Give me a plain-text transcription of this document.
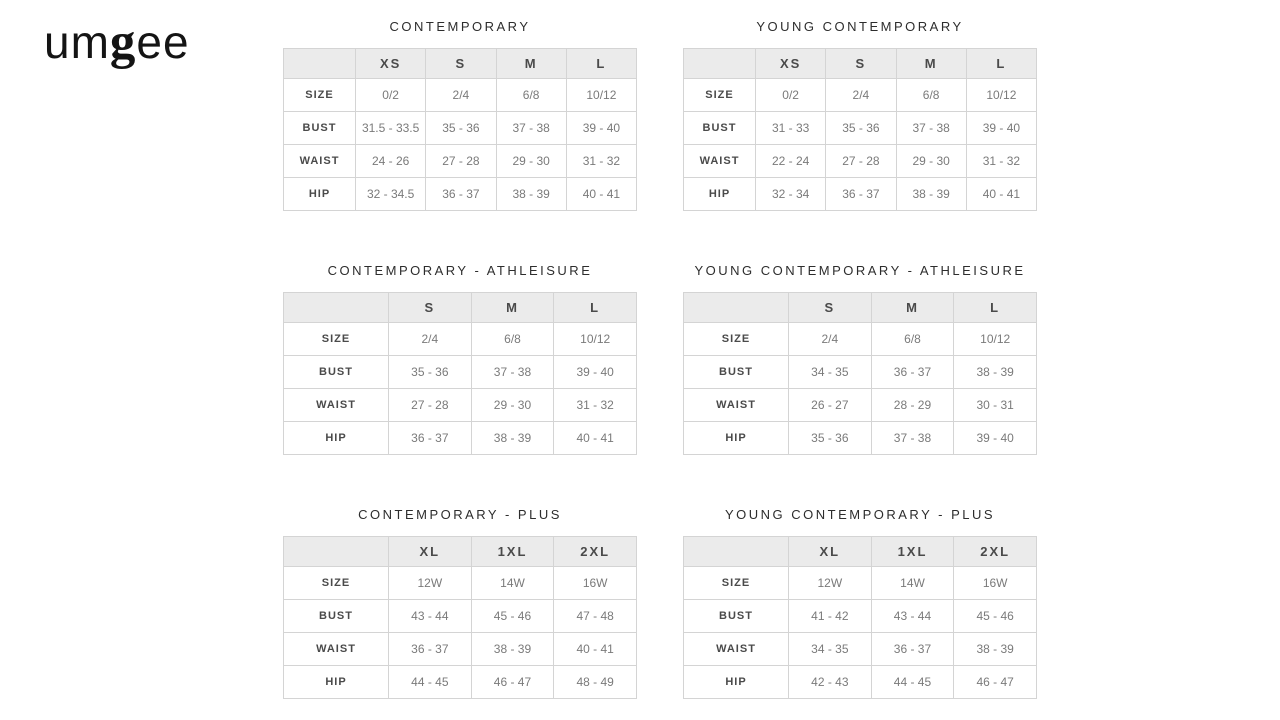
umgee	CONTEMPORARY
	XS	S	M	L
SIZE	0/2	2/4	6/8	10/12
BUST	31.5 - 33.5	35 - 36	37 - 38	39 - 40
WAIST	24 - 26	27 - 28	29 - 30	31 - 32
HIP	32 - 34.5	36 - 37	38 - 39	40 - 41
YOUNG CONTEMPORARY
	XS	S	M	L
SIZE	0/2	2/4	6/8	10/12
BUST	31 - 33	35 - 36	37 - 38	39 - 40
WAIST	22 - 24	27 - 28	29 - 30	31 - 32
HIP	32 - 34	36 - 37	38 - 39	40 - 41
CONTEMPORARY - ATHLEISURE
	S	M	L
SIZE	2/4	6/8	10/12
BUST	35 - 36	37 - 38	39 - 40
WAIST	27 - 28	29 - 30	31 - 32
HIP	36 - 37	38 - 39	40 - 41
YOUNG CONTEMPORARY - ATHLEISURE
	S	M	L
SIZE	2/4	6/8	10/12
BUST	34 - 35	36 - 37	38 - 39
WAIST	26 - 27	28 - 29	30 - 31
HIP	35 - 36	37 - 38	39 - 40
CONTEMPORARY - PLUS
	XL	1XL	2XL
SIZE	12W	14W	16W
BUST	43 - 44	45 - 46	47 - 48
WAIST	36 - 37	38 - 39	40 - 41
HIP	44 - 45	46 - 47	48 - 49
YOUNG CONTEMPORARY - PLUS
	XL	1XL	2XL
SIZE	12W	14W	16W
BUST	41 - 42	43 - 44	45 - 46
WAIST	34 - 35	36 - 37	38 - 39
HIP	42 - 43	44 - 45	46 - 47
